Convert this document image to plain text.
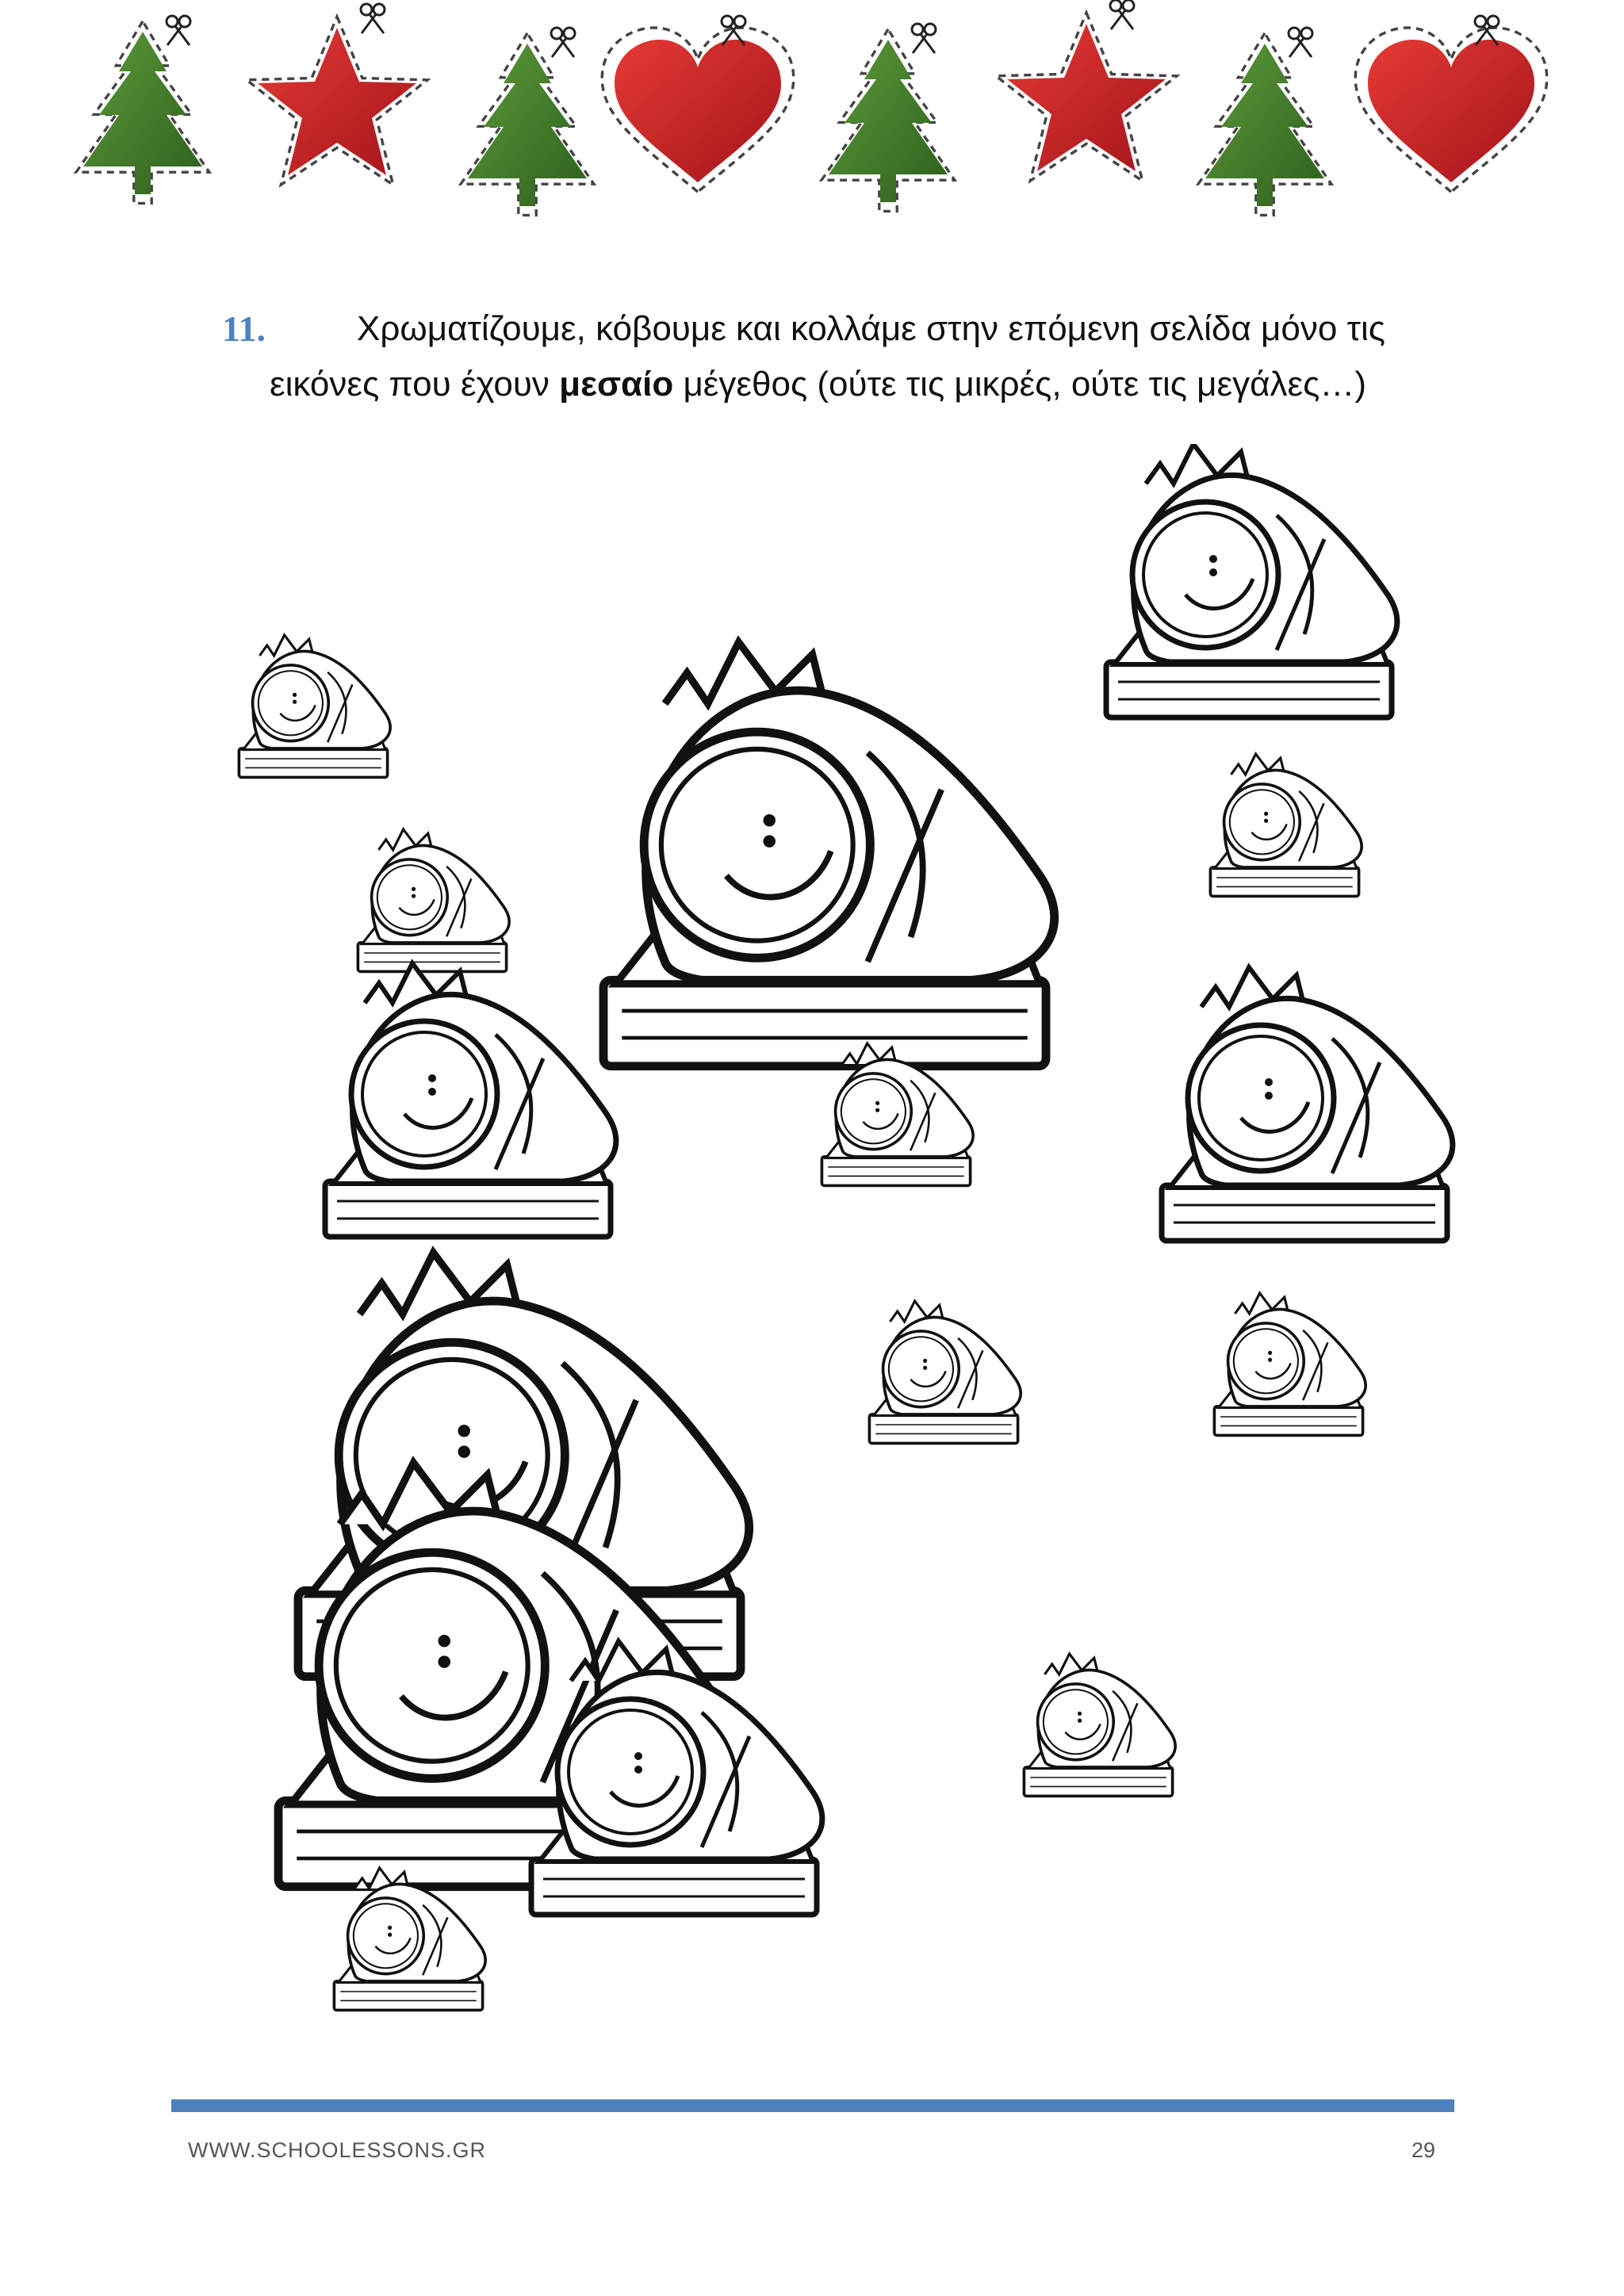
11.	Χρωματίζουμε, κόβουμε και κολλάμε στην επόμενη σελίδα μόνο τις
εικόνες που έχουν μεσαίο μέγεθος (ούτε τις μικρές, ούτε τις μεγάλες…)
WWW.SCHOOLESSONS.GR	29
